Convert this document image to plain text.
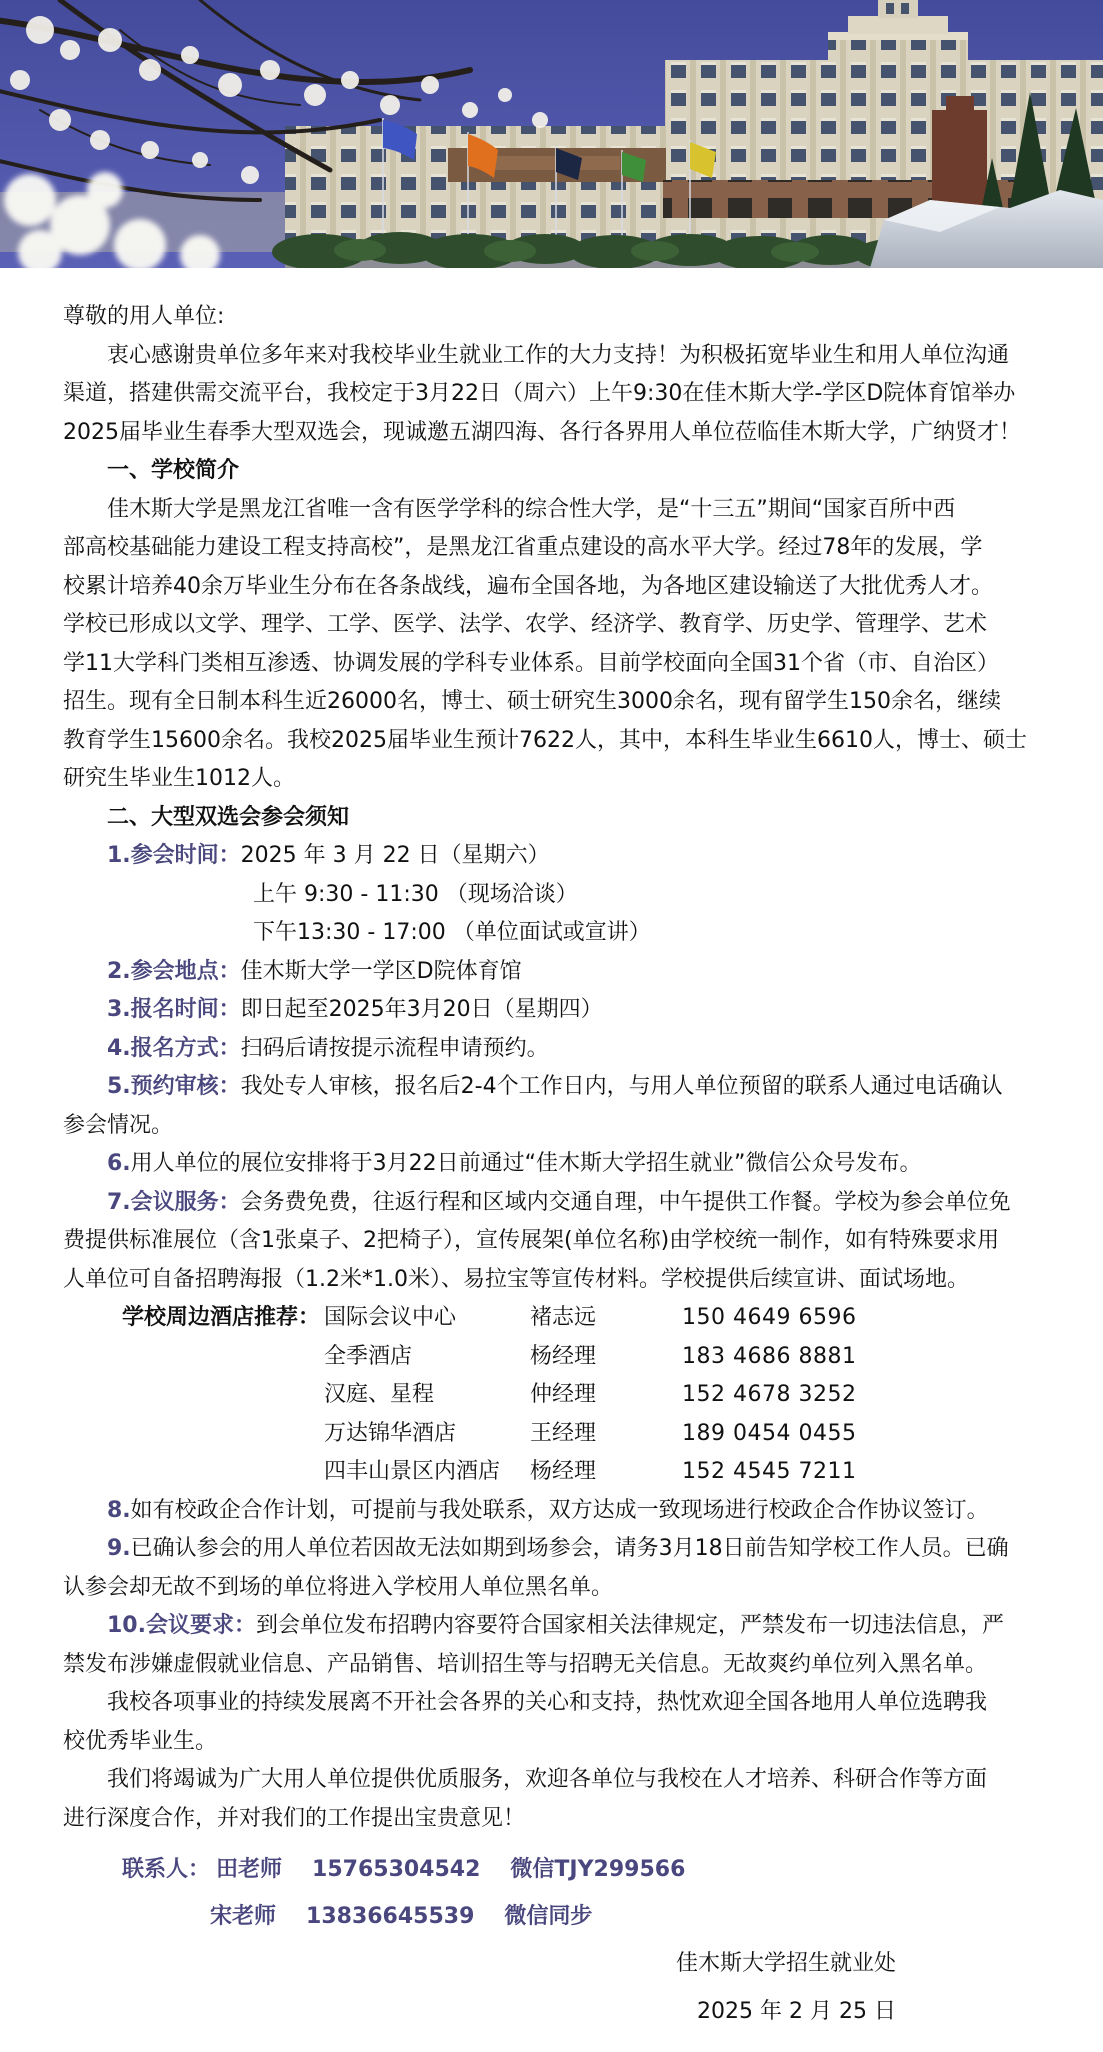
尊敬的用人单位:
衷心感谢贵单位多年来对我校毕业生就业工作的大力支持！为积极拓宽毕业生和用人单位沟通
渠道，搭建供需交流平台，我校定于3月22日（周六）上午9:30在佳木斯大学-学区D院体育馆举办
2025届毕业生春季大型双选会，现诚邀五湖四海、各行各界用人单位莅临佳木斯大学，广纳贤才！
一、学校简介
佳木斯大学是黑龙江省唯一含有医学学科的综合性大学，是“十三五”期间“国家百所中西
部高校基础能力建设工程支持高校”，是黑龙江省重点建设的高水平大学。经过78年的发展，学
校累计培养40余万毕业生分布在各条战线，遍布全国各地，为各地区建设输送了大批优秀人才。
学校已形成以文学、理学、工学、医学、法学、农学、经济学、教育学、历史学、管理学、艺术
学11大学科门类相互渗透、协调发展的学科专业体系。目前学校面向全国31个省（市、自治区）
招生。现有全日制本科生近26000名，博士、硕士研究生3000余名，现有留学生150余名，继续
教育学生15600余名。我校2025届毕业生预计7622人，其中，本科生毕业生6610人，博士、硕士
研究生毕业生1012人。
二、大型双选会参会须知
1.参会时间：2025 年 3 月 22 日（星期六）
上午 9:30 - 11:30 （现场洽谈）
下午13:30 - 17:00 （单位面试或宣讲）
2.参会地点：佳木斯大学一学区D院体育馆
3.报名时间：即日起至2025年3月20日（星期四）
4.报名方式：扫码后请按提示流程申请预约。
5.预约审核：我处专人审核，报名后2-4个工作日内，与用人单位预留的联系人通过电话确认
参会情况。
6.用人单位的展位安排将于3月22日前通过“佳木斯大学招生就业”微信公众号发布。
7.会议服务：会务费免费，往返行程和区域内交通自理，中午提供工作餐。学校为参会单位免
费提供标准展位（含1张桌子、2把椅子），宣传展架(单位名称)由学校统一制作，如有特殊要求用
人单位可自备招聘海报（1.2米*1.0米）、易拉宝等宣传材料。学校提供后续宣讲、面试场地。
学校周边酒店推荐： 国际会议中心	褚志远	150 4649 6596
全季酒店	杨经理	183 4686 8881
汉庭、星程	仲经理	152 4678 3252
万达锦华酒店	王经理	189 0454 0455
四丰山景区内酒店	杨经理	152 4545 7211
8.如有校政企合作计划，可提前与我处联系，双方达成一致现场进行校政企合作协议签订。
9.已确认参会的用人单位若因故无法如期到场参会，请务3月18日前告知学校工作人员。已确
认参会却无故不到场的单位将进入学校用人单位黑名单。
10.会议要求：到会单位发布招聘内容要符合国家相关法律规定，严禁发布一切违法信息，严
禁发布涉嫌虚假就业信息、产品销售、培训招生等与招聘无关信息。无故爽约单位列入黑名单。
我校各项事业的持续发展离不开社会各界的关心和支持，热忱欢迎全国各地用人单位选聘我
校优秀毕业生。
我们将竭诚为广大用人单位提供优质服务，欢迎各单位与我校在人才培养、科研合作等方面
进行深度合作，并对我们的工作提出宝贵意见！
联系人： 田老师 15765304542 微信TJY299566
宋老师 13836645539 微信同步
佳木斯大学招生就业处
2025 年 2 月 25 日
